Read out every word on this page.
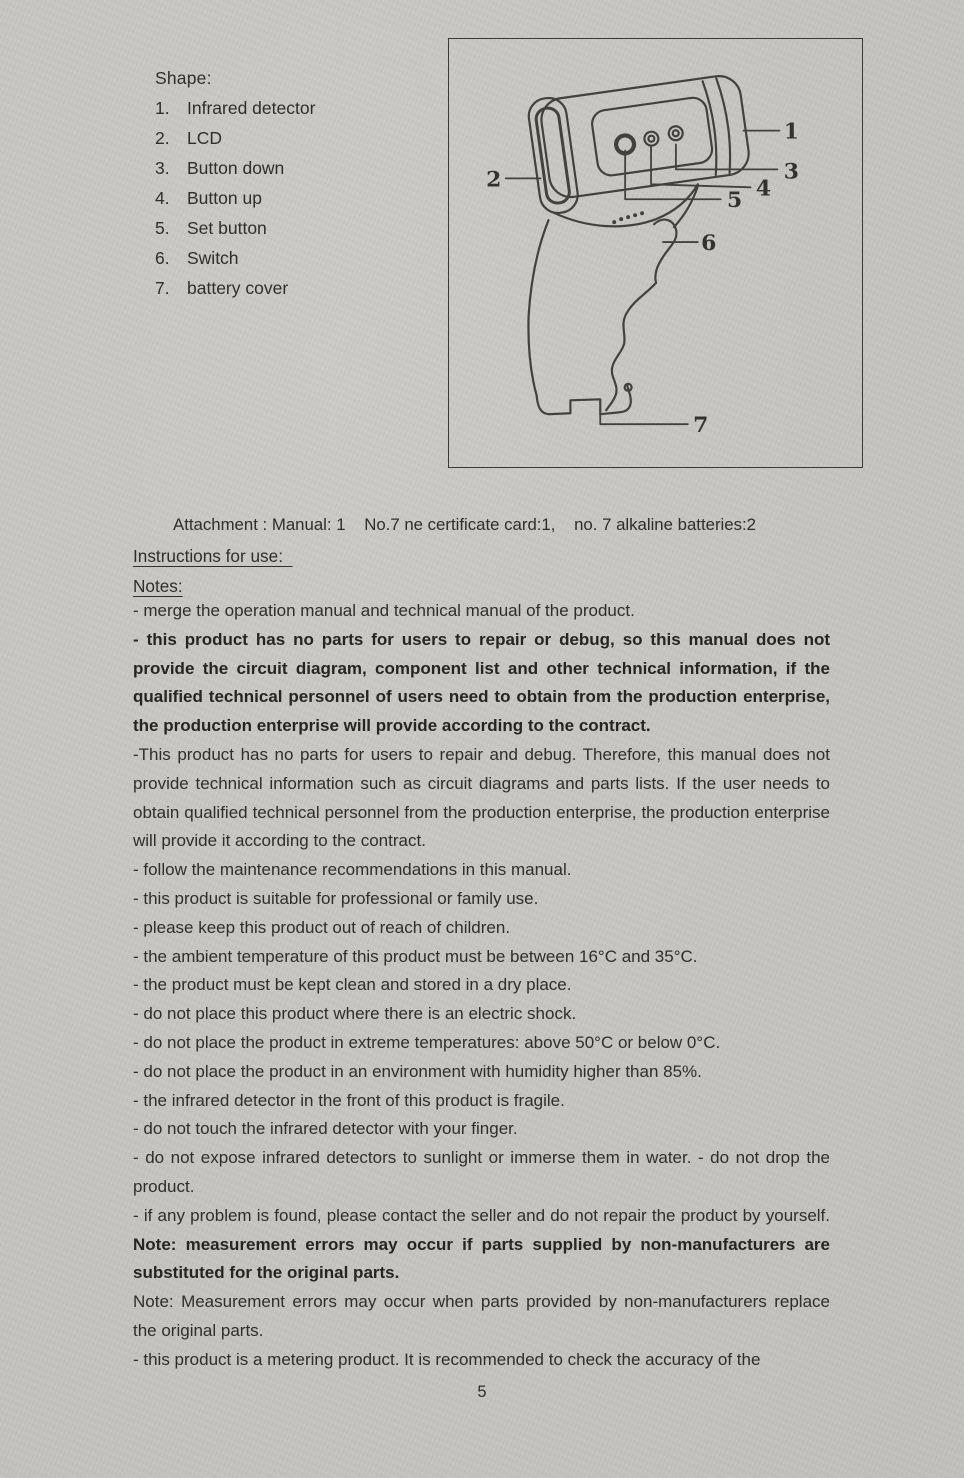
Shape:
1. Infrared detector
2. LCD
3. Button down
4. Button up
5. Set button
6. Switch
7. battery cover
1
2	3
4
5
6
7
Attachment : Manual: 1    No.7 ne certificate card:1,    no. 7 alkaline batteries:2
Instructions for use:
Notes:

- merge the operation manual and technical manual of the product.

- this product has no parts for users to repair or debug, so this manual does not provide the circuit diagram, component list and other technical information, if the qualified technical personnel of users need to obtain from the production enterprise, the production enterprise will provide according to the contract.

-This product has no parts for users to repair and debug. Therefore, this manual does not provide technical information such as circuit diagrams and parts lists. If the user needs to obtain qualified technical personnel from the production enterprise, the production enterprise will provide it according to the contract.

- follow the maintenance recommendations in this manual.

- this product is suitable for professional or family use.

- please keep this product out of reach of children.

- the ambient temperature of this product must be between 16°C and 35°C.

- the product must be kept clean and stored in a dry place.

- do not place this product where there is an electric shock.

- do not place the product in extreme temperatures: above 50°C or below 0°C.

- do not place the product in an environment with humidity higher than 85%.

- the infrared detector in the front of this product is fragile.

- do not touch the infrared detector with your finger.

- do not expose infrared detectors to sunlight or immerse them in water. - do not drop the product.

- if any problem is found, please contact the seller and do not repair the product by yourself. Note: measurement errors may occur if parts supplied by non-manufacturers are substituted for the original parts.

Note: Measurement errors may occur when parts provided by non-manufacturers replace the original parts.

- this product is a metering product. It is recommended to check the accuracy of the

5
